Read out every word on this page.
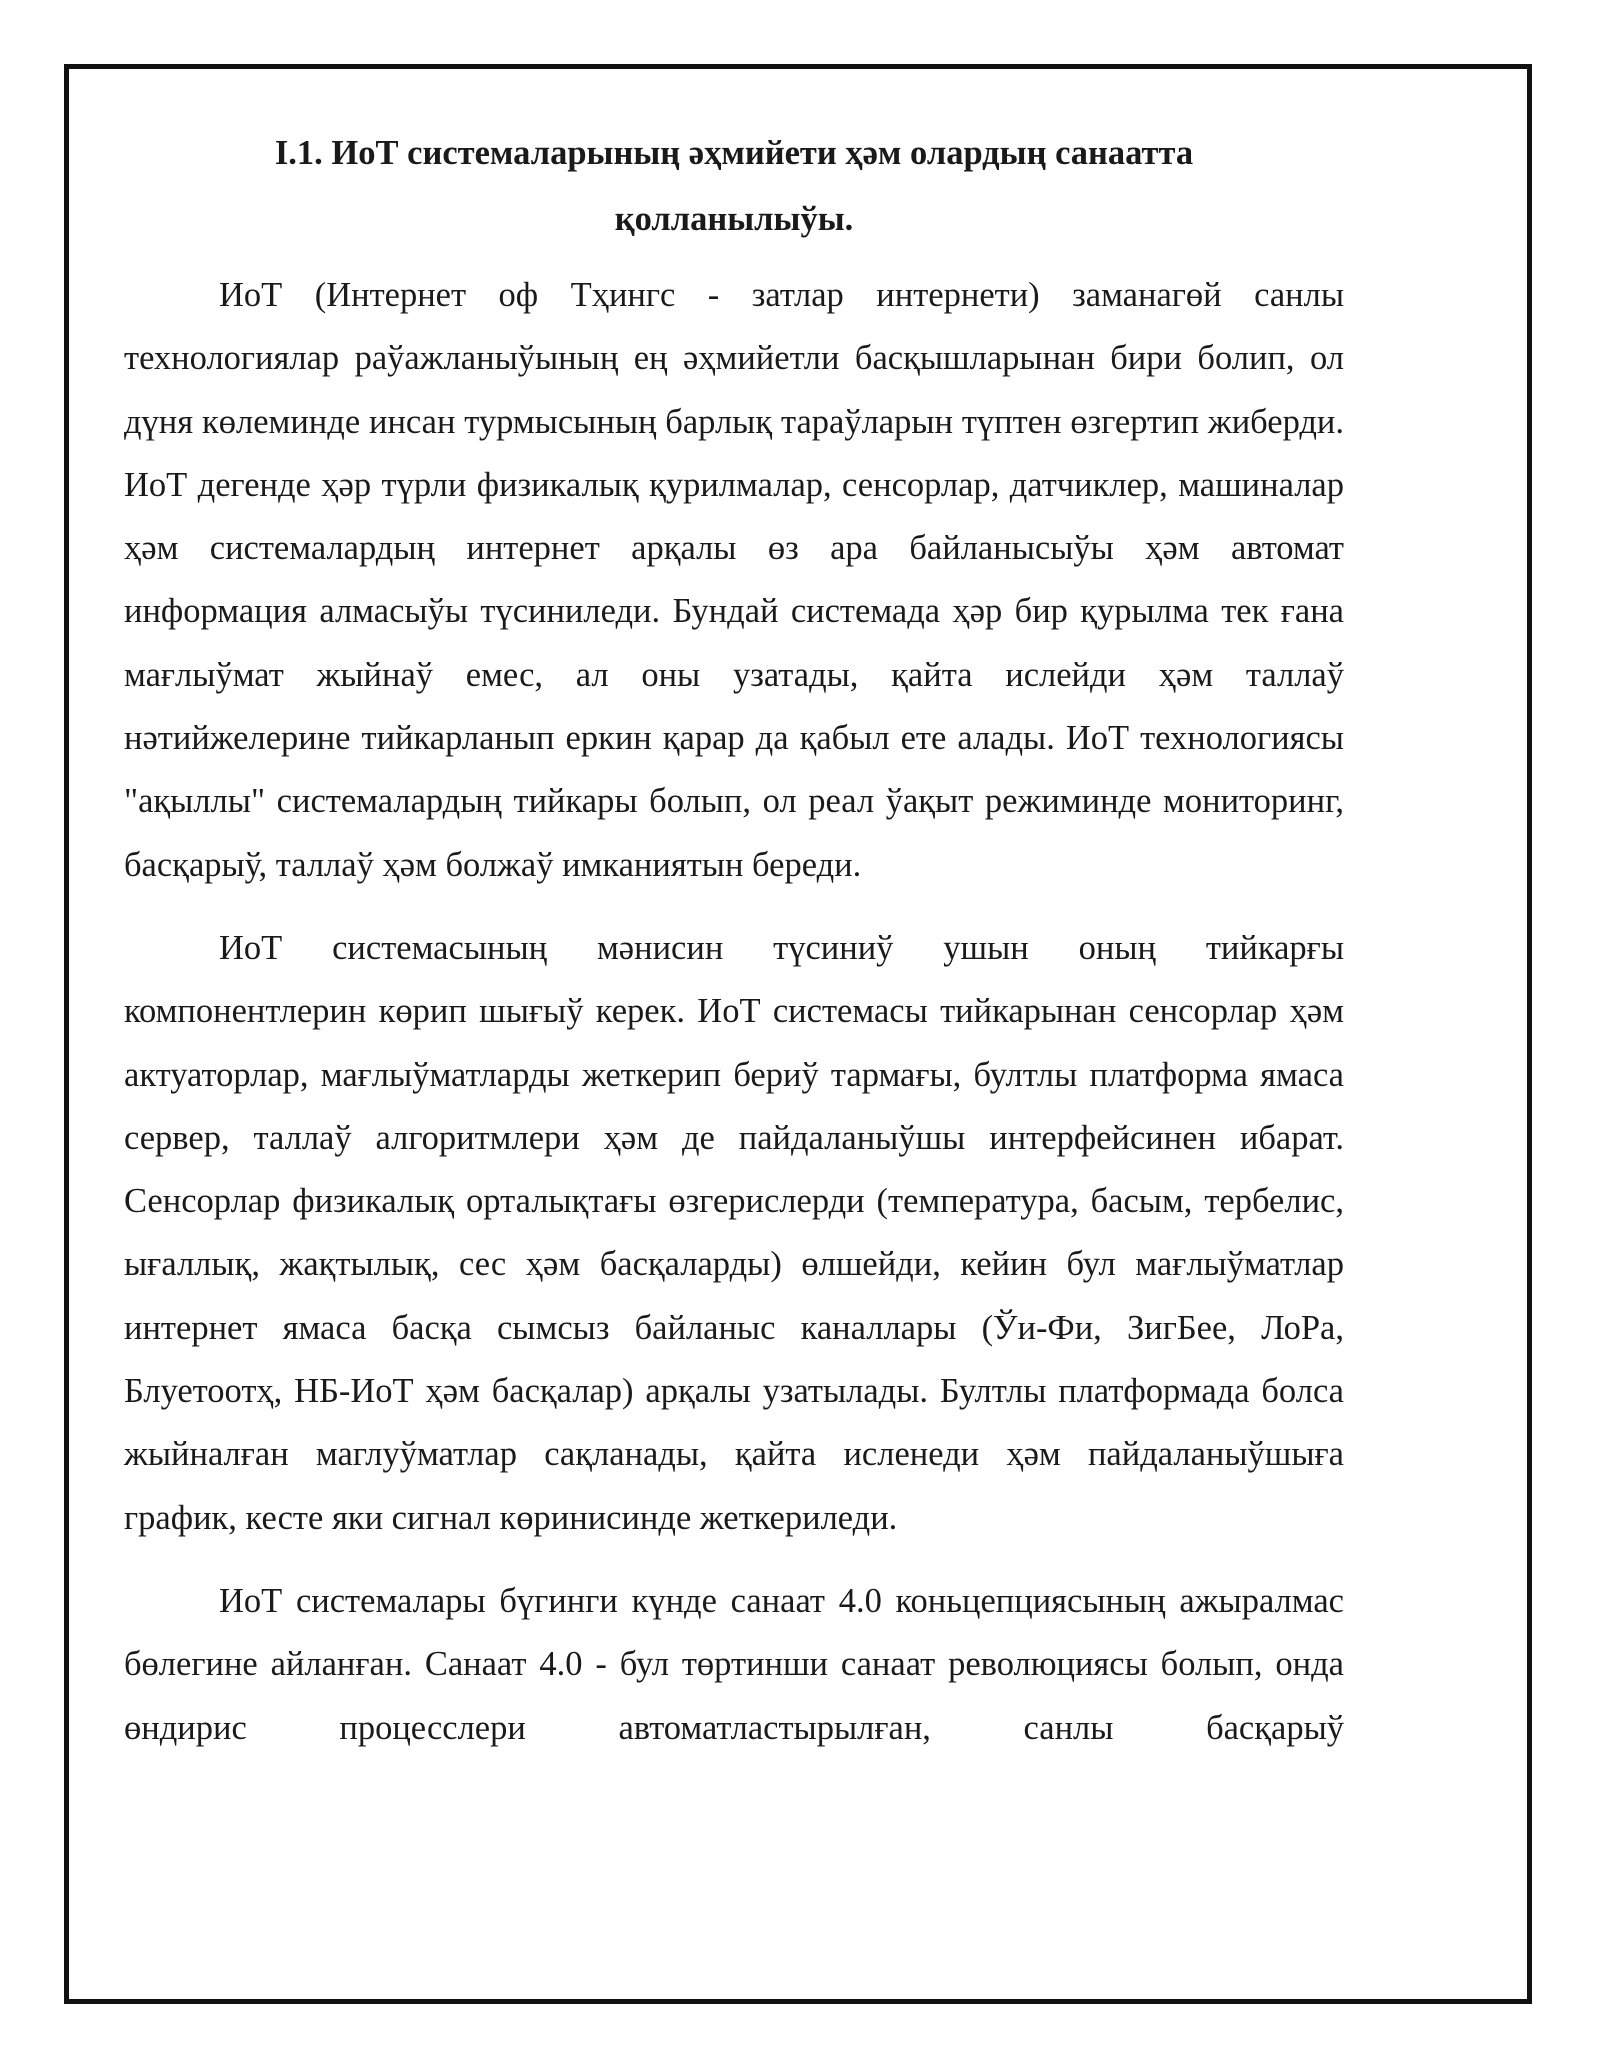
I.1. ИоТ системаларының әҳмийети ҳәм олардың санаатта
қолланылыўы.

ИоТ (Интернет оф Тҳингс - затлар интернети) заманагөй санлы технологиялар раўажланыўының ең әҳмийетли басқышларынан бири болип, ол дүня көлеминде инсан турмысының барлық тараўларын түптен өзгертип жиберди. ИоТ дегенде ҳәр түрли физикалық қурилмалар, сенсорлар, датчиклер, машиналар ҳәм системалардың интернет арқалы өз ара байланысыўы ҳәм автомат информация алмасыўы түсиниледи. Бундай системада ҳәр бир қурылма тек ғана мағлыўмат жыйнаў емес, ал оны узатады, қайта ислейди ҳәм таллаў нәтийжелерине тийкарланып еркин қарар да қабыл ете алады. ИоТ технологиясы "ақыллы" системалардың тийкары болып, ол реал ўақыт режиминде мониторинг, басқарыў, таллаў ҳәм болжаў имканиятын береди.

ИоТ системасының мәнисин түсиниў ушын оның тийкарғы компонентлерин көрип шығыў керек. ИоТ системасы тийкарынан сенсорлар ҳәм актуаторлар, мағлыўматларды жеткерип бериў тармағы, бултлы платформа ямаса сервер, таллаў алгоритмлери ҳәм де пайдаланыўшы интерфейсинен ибарат. Сенсорлар физикалық орталықтағы өзгерислерди (температура, басым, тербелис, ығаллық, жақтылық, сес ҳәм басқаларды) өлшейди, кейин бул мағлыўматлар интернет ямаса басқа сымсыз байланыс каналлары (Ўи-Фи, ЗигБее, ЛоРа, Блуетоотҳ, НБ-ИоТ ҳәм басқалар) арқалы узатылады. Бултлы платформада болса жыйналған маглуўматлар сақланады, қайта исленеди ҳәм пайдаланыўшыға график, кесте яки сигнал көринисинде жеткериледи.

ИоТ системалары бүгинги күнде санаат 4.0 коньцепциясының ажыралмас бөлегине айланған. Санаат 4.0 - бул төртинши санаат революциясы болып, онда өндирис процесслери автоматластырылған, санлы басқарыў
